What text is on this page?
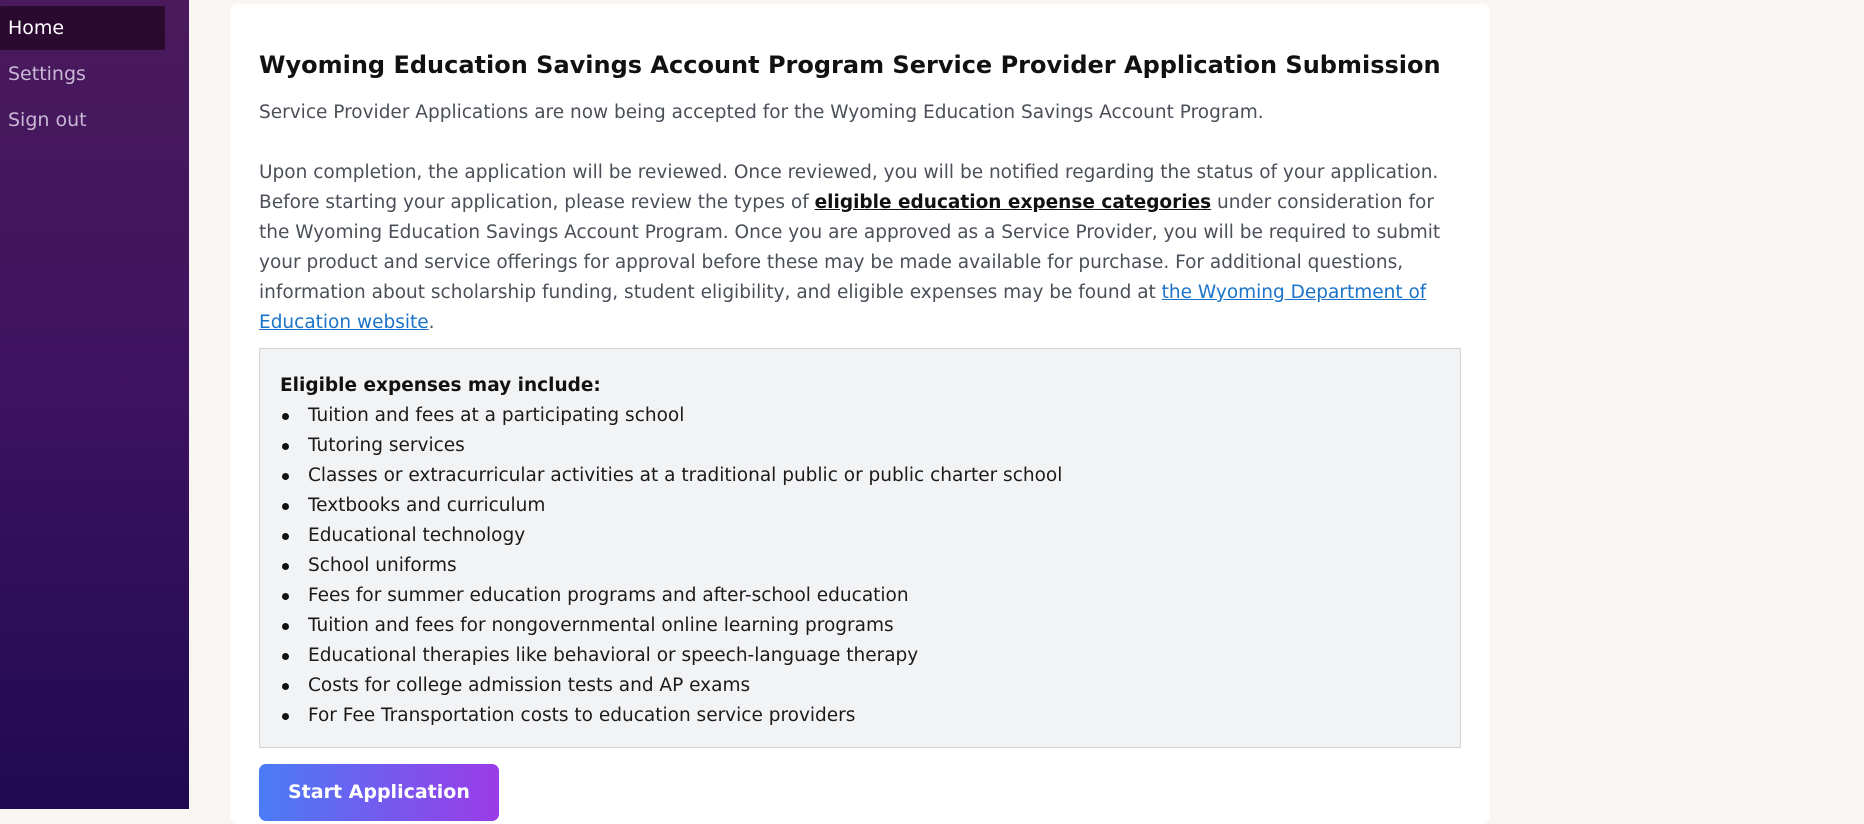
Home
Settings
Sign out
Wyoming Education Savings Account Program Service Provider Application Submission

Service Provider Applications are now being accepted for the Wyoming Education Savings Account Program.

Upon completion, the application will be reviewed. Once reviewed, you will be notified regarding the status of your application. Before starting your application, please review the types of eligible education expense categories under consideration for the Wyoming Education Savings Account Program. Once you are approved as a Service Provider, you will be required to submit your product and service offerings for approval before these may be made available for purchase. For additional questions, information about scholarship funding, student eligibility, and eligible expenses may be found at the Wyoming Department of Education website.

Eligible expenses may include:
Tuition and fees at a participating school
Tutoring services
Classes or extracurricular activities at a traditional public or public charter school
Textbooks and curriculum
Educational technology
School uniforms
Fees for summer education programs and after-school education
Tuition and fees for nongovernmental online learning programs
Educational therapies like behavioral or speech-language therapy
Costs for college admission tests and AP exams
For Fee Transportation costs to education service providers
Start Application
